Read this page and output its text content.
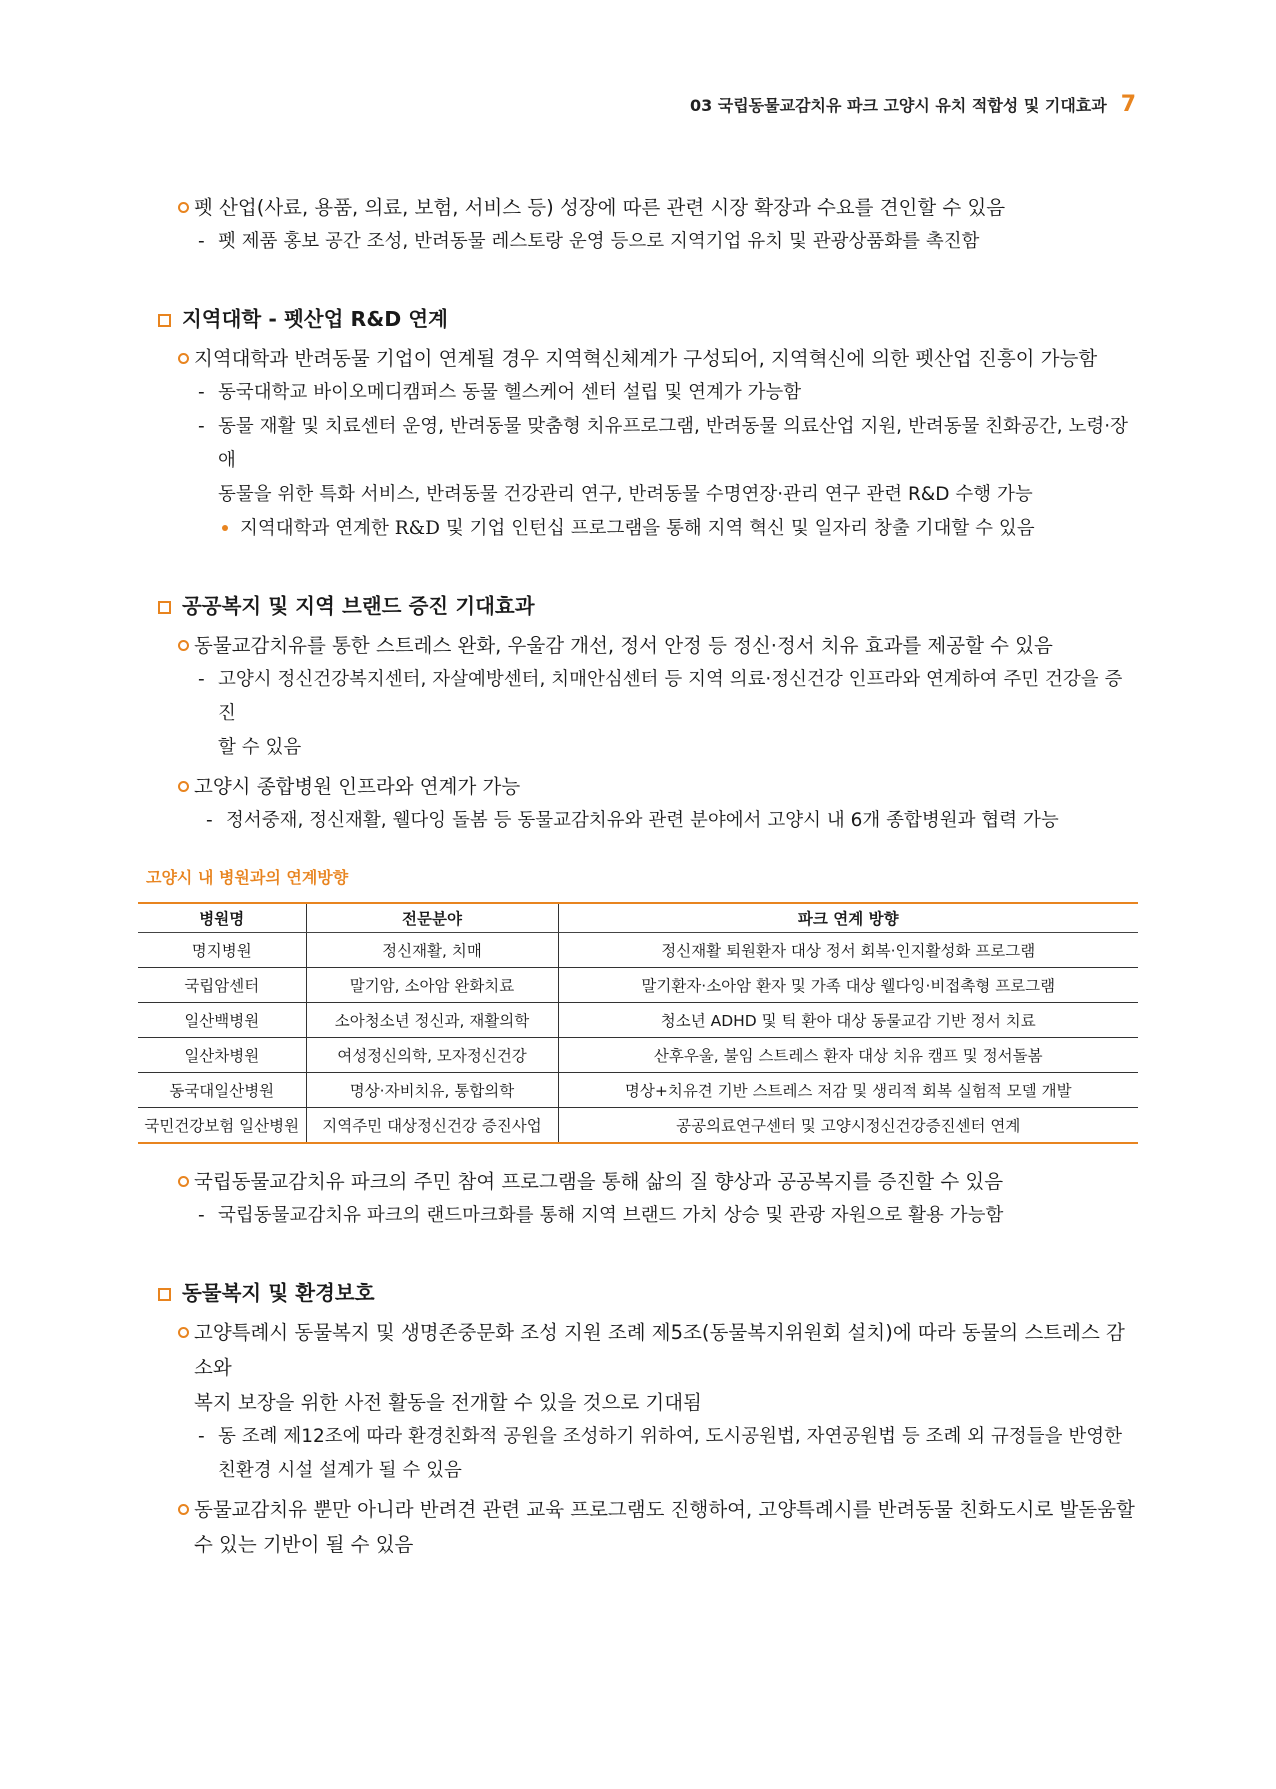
03 국립동물교감치유 파크 고양시 유치 적합성 및 기대효과 7
펫 산업(사료, 용품, 의료, 보험, 서비스 등) 성장에 따른 관련 시장 확장과 수요를 견인할 수 있음
- 펫 제품 홍보 공간 조성, 반려동물 레스토랑 운영 등으로 지역기업 유치 및 관광상품화를 촉진함
지역대학 - 펫산업 R&D 연계
지역대학과 반려동물 기업이 연계될 경우 지역혁신체계가 구성되어, 지역혁신에 의한 펫산업 진흥이 가능함
- 동국대학교 바이오메디캠퍼스 동물 헬스케어 센터 설립 및 연계가 가능함
- 동물 재활 및 치료센터 운영, 반려동물 맞춤형 치유프로그램, 반려동물 의료산업 지원, 반려동물 친화공간, 노령·장애
동물을 위한 특화 서비스, 반려동물 건강관리 연구, 반려동물 수명연장·관리 연구 관련 R&D 수행 가능
지역대학과 연계한 R&D 및 기업 인턴십 프로그램을 통해 지역 혁신 및 일자리 창출 기대할 수 있음
공공복지 및 지역 브랜드 증진 기대효과
동물교감치유를 통한 스트레스 완화, 우울감 개선, 정서 안정 등 정신·정서 치유 효과를 제공할 수 있음
- 고양시 정신건강복지센터, 자살예방센터, 치매안심센터 등 지역 의료·정신건강 인프라와 연계하여 주민 건강을 증진
할 수 있음
고양시 종합병원 인프라와 연계가 가능
- 정서중재, 정신재활, 웰다잉 돌봄 등 동물교감치유와 관련 분야에서 고양시 내 6개 종합병원과 협력 가능
고양시 내 병원과의 연계방향
병원명	전문분야	파크 연계 방향
명지병원	정신재활, 치매	정신재활 퇴원환자 대상 정서 회복·인지활성화 프로그램
국립암센터	말기암, 소아암 완화치료	말기환자·소아암 환자 및 가족 대상 웰다잉·비접촉형 프로그램
일산백병원	소아청소년 정신과, 재활의학	청소년 ADHD 및 틱 환아 대상 동물교감 기반 정서 치료
일산차병원	여성정신의학, 모자정신건강	산후우울, 불임 스트레스 환자 대상 치유 캠프 및 정서돌봄
동국대일산병원	명상·자비치유, 통합의학	명상+치유견 기반 스트레스 저감 및 생리적 회복 실험적 모델 개발
국민건강보험 일산병원	지역주민 대상정신건강 증진사업	공공의료연구센터 및 고양시정신건강증진센터 연계
국립동물교감치유 파크의 주민 참여 프로그램을 통해 삶의 질 향상과 공공복지를 증진할 수 있음
- 국립동물교감치유 파크의 랜드마크화를 통해 지역 브랜드 가치 상승 및 관광 자원으로 활용 가능함
동물복지 및 환경보호
고양특례시 동물복지 및 생명존중문화 조성 지원 조례 제5조(동물복지위원회 설치)에 따라 동물의 스트레스 감소와
복지 보장을 위한 사전 활동을 전개할 수 있을 것으로 기대됨
- 동 조례 제12조에 따라 환경친화적 공원을 조성하기 위하여, 도시공원법, 자연공원법 등 조례 외 규정들을 반영한
친환경 시설 설계가 될 수 있음
동물교감치유 뿐만 아니라 반려견 관련 교육 프로그램도 진행하여, 고양특례시를 반려동물 친화도시로 발돋움할
수 있는 기반이 될 수 있음
